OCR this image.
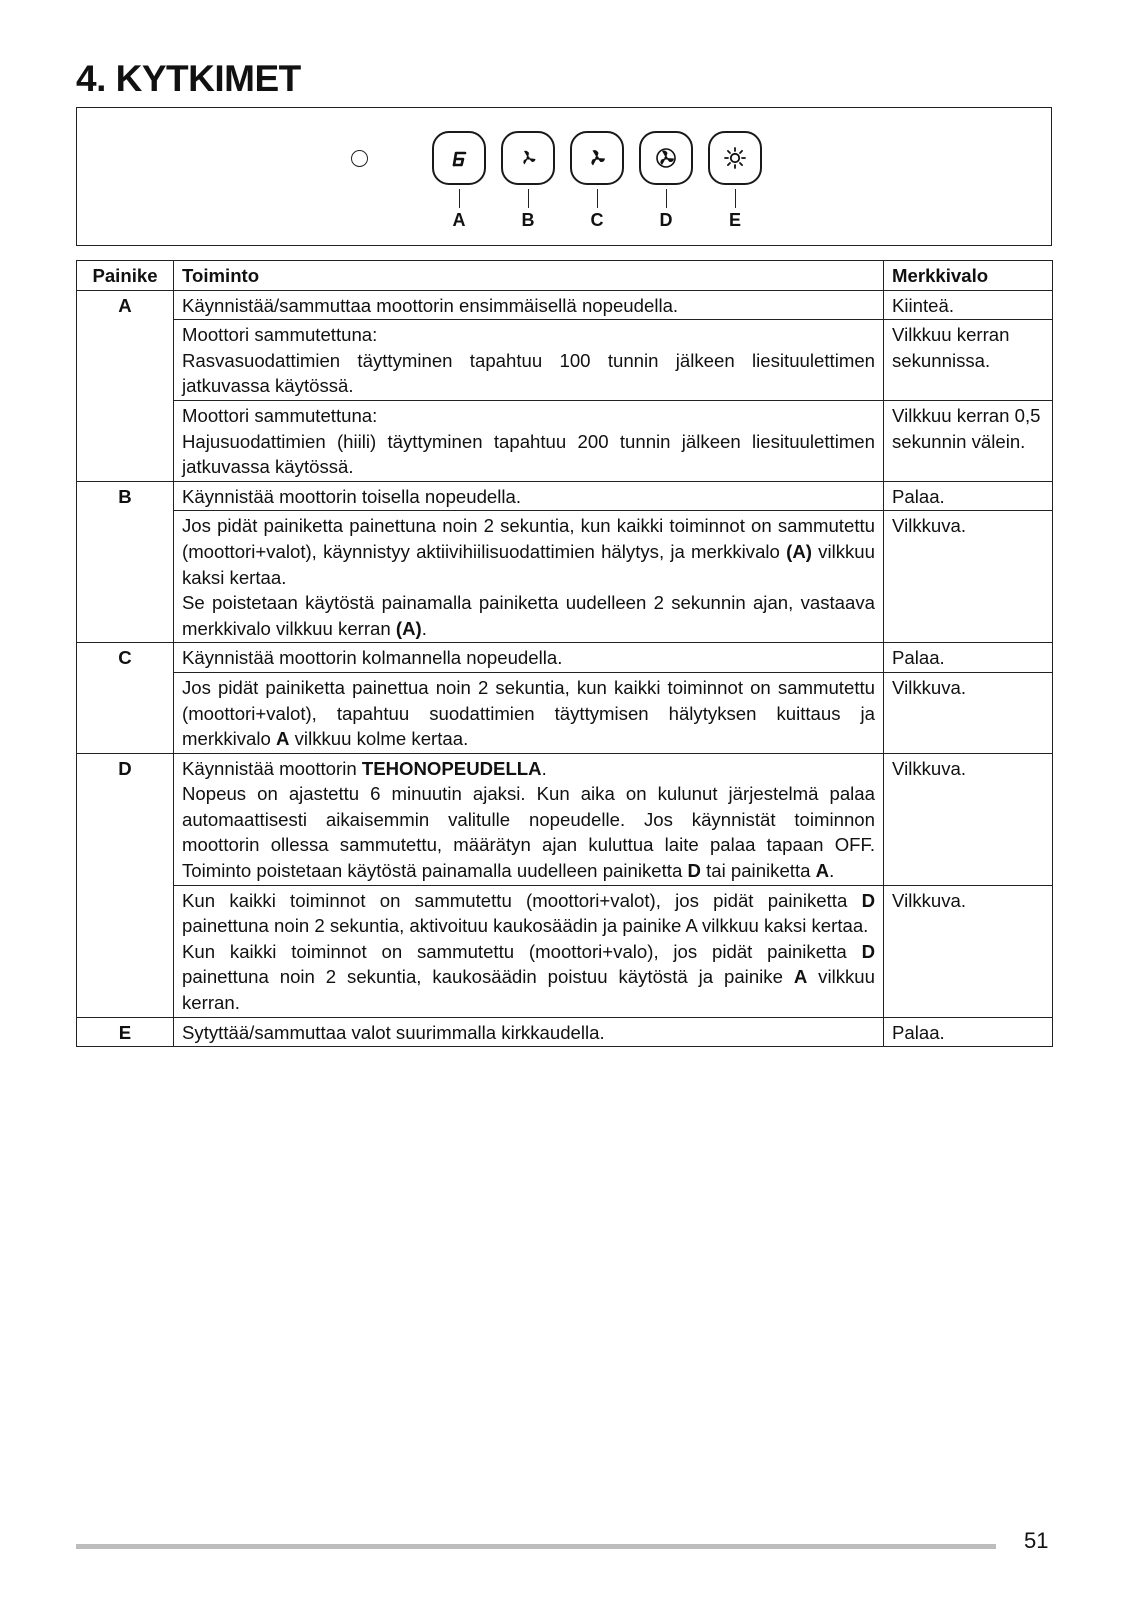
4. KYTKIMET
A	B	C	D	E
Painike	Toiminto	Merkkivalo
A	Käynnistää/sammuttaa moottorin ensimmäisellä nopeudella.	Kiinteä.

	Moottori sammutettuna:
Rasvasuodattimien täyttyminen tapahtuu 100 tunnin jälkeen liesituulettimen jatkuvassa käytössä.	Vilkkuu kerran sekunnissa.

	Moottori sammutettuna:
Hajusuodattimien (hiili) täyttyminen tapahtuu 200 tunnin jälkeen liesituulettimen jatkuvassa käytössä.	Vilkkuu kerran 0,5 sekunnin välein.
B	Käynnistää moottorin toisella nopeudella.	Palaa.

	Jos pidät painiketta painettuna noin 2 sekuntia, kun kaikki toiminnot on sammutettu (moottori+valot), käynnistyy aktiivihiilisuodattimien hälytys, ja merkkivalo (A) vilkkuu kaksi kertaa.
Se poistetaan käytöstä painamalla painiketta uudelleen 2 sekunnin ajan, vastaava merkkivalo vilkkuu kerran (A).	Vilkkuva.
C	Käynnistää moottorin kolmannella nopeudella.	Palaa.

	Jos pidät painiketta painettua noin 2 sekuntia, kun kaikki toiminnot on sammutettu (moottori+valot), tapahtuu suodattimien täyttymisen hälytyksen kuittaus ja merkkivalo A vilkkuu kolme kertaa.	Vilkkuva.
D	Käynnistää moottorin TEHONOPEUDELLA.
Nopeus on ajastettu 6 minuutin ajaksi. Kun aika on kulunut järjestelmä palaa automaattisesti aikaisemmin valitulle nopeudelle. Jos käynnistät toiminnon moottorin ollessa sammutettu, määrätyn ajan kuluttua laite palaa tapaan OFF. Toiminto poistetaan käytöstä painamalla uudelleen painiketta D tai painiketta A.	Vilkkuva.

	Kun kaikki toiminnot on sammutettu (moottori+valot), jos pidät painiketta D painettuna noin 2 sekuntia, aktivoituu kaukosäädin ja painike A vilkkuu kaksi kertaa.
Kun kaikki toiminnot on sammutettu (moottori+valo), jos pidät painiketta D painettuna noin 2 sekuntia, kaukosäädin poistuu käytöstä ja painike A vilkkuu kerran.	Vilkkuva.
E	Sytyttää/sammuttaa valot suurimmalla kirkkaudella.	Palaa.
51
